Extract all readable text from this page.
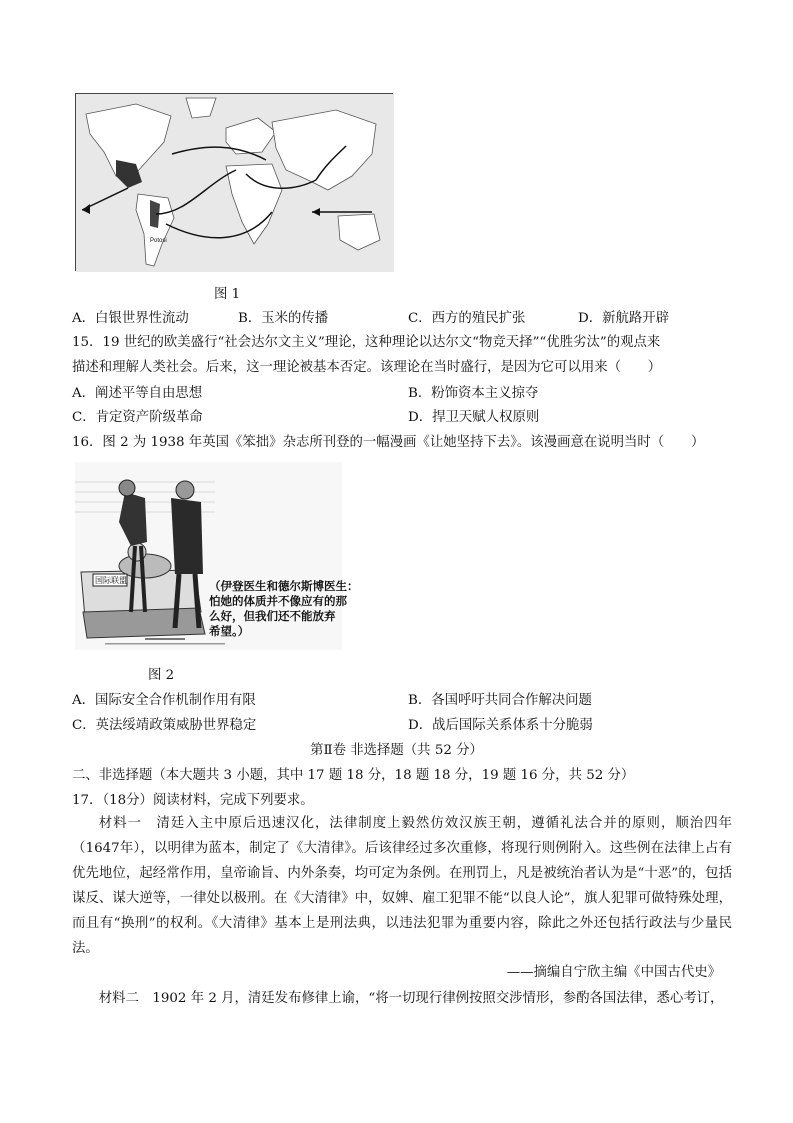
Potosi
图 1
A．白银世界性流动	B．玉米的传播	C．西方的殖民扩张	D．新航路开辟
15．19 世纪的欧美盛行“社会达尔文主义”理论，这种理论以达尔文“物竞天择”“优胜劣汰”的观点来
描述和理解人类社会。后来，这一理论被基本否定。该理论在当时盛行，是因为它可以用来（　　）
A．阐述平等自由思想	B．粉饰资本主义掠夺
C．肯定资产阶级革命	D．捍卫天赋人权原则
16．图 2 为 1938 年英国《笨拙》杂志所刊登的一幅漫画《让她坚持下去》。该漫画意在说明当时（　　）
国际联盟	（伊登医生和德尔斯博医生：
怕她的体质并不像应有的那
么好，但我们还不能放弃
希望。）
图 2
A．国际安全合作机制作用有限	B．各国呼吁共同合作解决问题
C．英法绥靖政策威胁世界稳定	D．战后国际关系体系十分脆弱
第Ⅱ卷 非选择题（共 52 分）
二、非选择题（本大题共 3 小题，其中 17 题 18 分，18 题 18 分，19 题 16 分，共 52 分）
17．（18分）阅读材料，完成下列要求。

材料一　清廷入主中原后迅速汉化，法律制度上毅然仿效汉族王朝，遵循礼法合并的原则，顺治四年（1647年），以明律为蓝本，制定了《大清律》。后该律经过多次重修，将现行则例附入。这些例在法律上占有优先地位，起经常作用，皇帝谕旨、内外条奏，均可定为条例。在刑罚上，凡是被统治者认为是“十恶”的，包括谋反、谋大逆等，一律处以极刑。在《大清律》中，奴婢、雇工犯罪不能“以良人论”，旗人犯罪可做特殊处理，而且有“换刑”的权利。《大清律》基本上是刑法典，以违法犯罪为重要内容，除此之外还包括行政法与少量民法。

——摘编自宁欣主编《中国古代史》

材料二　1902 年 2 月，清廷发布修律上谕，“将一切现行律例按照交涉情形，参酌各国法律，悉心考订，
